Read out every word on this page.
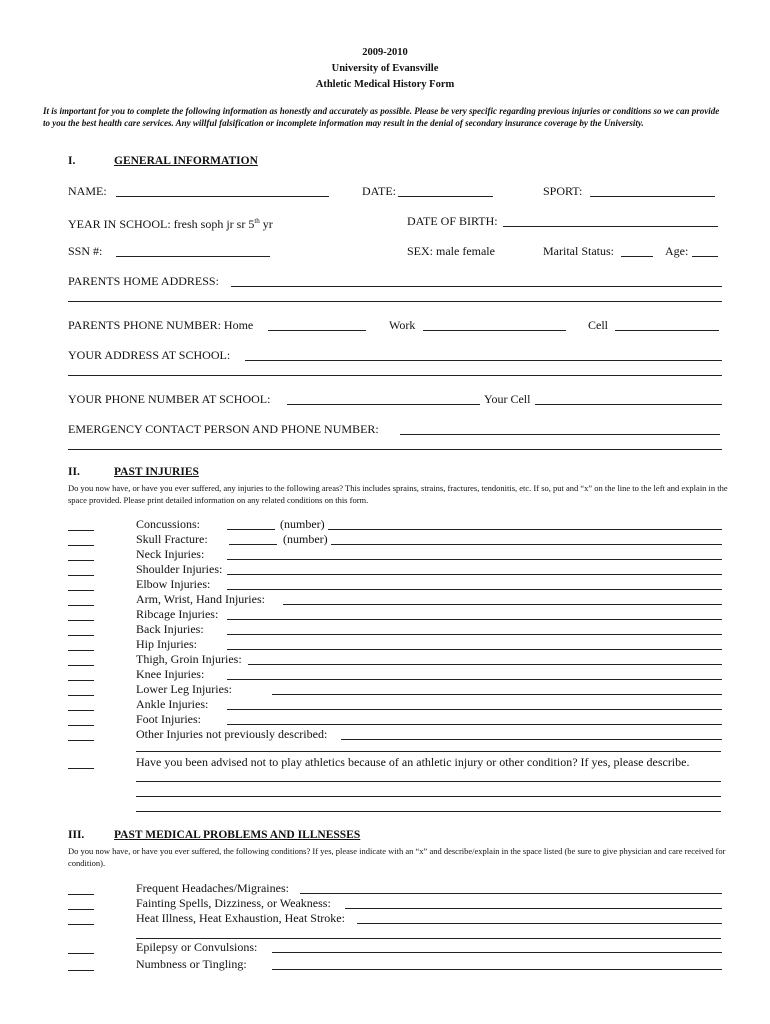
2009-2010
University of Evansville
Athletic Medical History Form
It is important for you to complete the following information as honestly and accurately as possible. Please be very specific regarding previous injuries or conditions so we can provide to you the best health care services. Any willful falsification or incomplete information may result in the denial of secondary insurance coverage by the University.
I.	GENERAL INFORMATION
NAME:	DATE:	SPORT:
YEAR IN SCHOOL: fresh soph jr sr 5th yr	DATE OF BIRTH:
SSN #:	SEX: male female	Marital Status:	Age:
PARENTS HOME ADDRESS:
PARENTS PHONE NUMBER: Home	Work	Cell
YOUR ADDRESS AT SCHOOL:
YOUR PHONE NUMBER AT SCHOOL:	Your Cell
EMERGENCY CONTACT PERSON AND PHONE NUMBER:
II.	PAST INJURIES
Do you now have, or have you ever suffered, any injuries to the following areas? This includes sprains, strains, fractures, tendonitis, etc. If so, put and “x” on the line to the left and explain in the space provided. Please print detailed information on any related conditions on this form.
Concussions:	(number)
Skull Fracture:	(number)
Neck Injuries:
Shoulder Injuries:
Elbow Injuries:
Arm, Wrist, Hand Injuries:
Ribcage Injuries:
Back Injuries:
Hip Injuries:
Thigh, Groin Injuries:
Knee Injuries:
Lower Leg Injuries:
Ankle Injuries:
Foot Injuries:
Other Injuries not previously described:
Have you been advised not to play athletics because of an athletic injury or other condition? If yes, please describe.
III.	PAST MEDICAL PROBLEMS AND ILLNESSES
Do you now have, or have you ever suffered, the following conditions? If yes, please indicate with an “x” and describe/explain in the space listed (be sure to give physician and care received for condition).
Frequent Headaches/Migraines:
Fainting Spells, Dizziness, or Weakness:
Heat Illness, Heat Exhaustion, Heat Stroke:
Epilepsy or Convulsions:
Numbness or Tingling:
